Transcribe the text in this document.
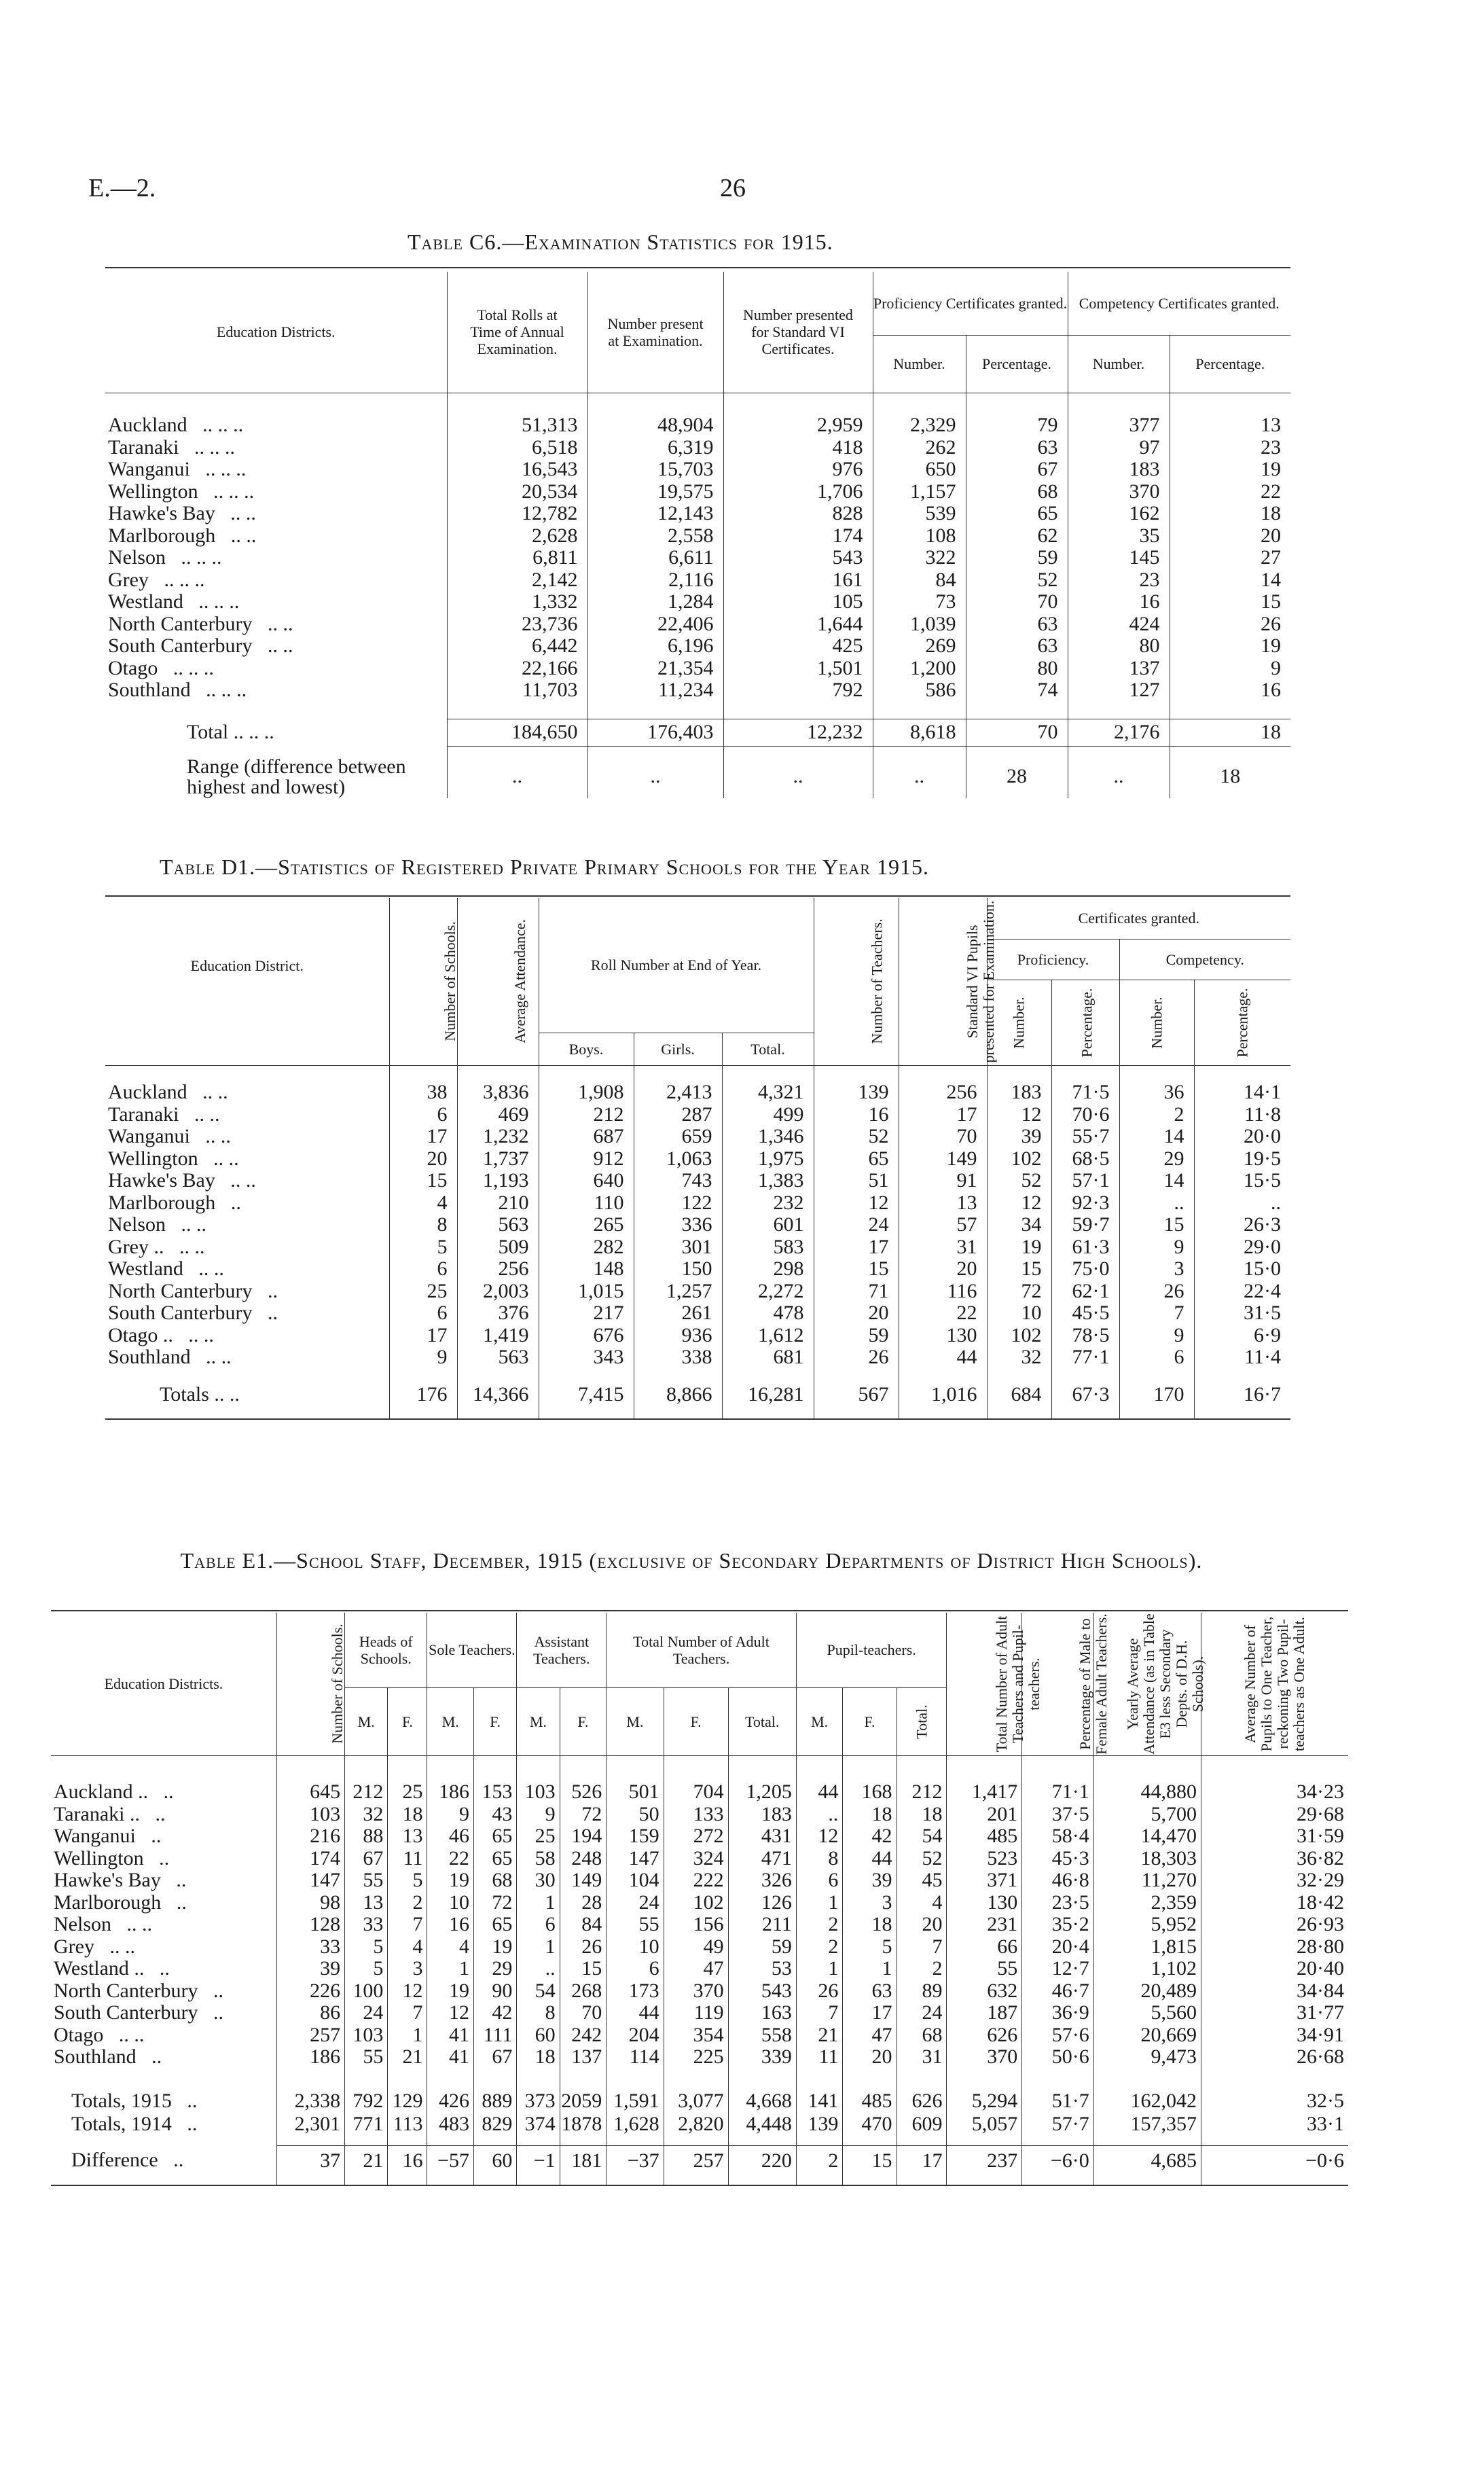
E.—2.	26
Table C6.—Examination Statistics for 1915.
Education Districts.	Total Rolls at Time of Annual Examination.	Number present at Examination.	Number presented for Standard VI Certificates.	Proficiency Certificates granted.		Competency Certificates granted.	
				Number.	Percentage.	Number.	Percentage.

Auckland .. .. ..	51,313	48,904	2,959	2,329	79	377	13
Taranaki .. .. ..	6,518	6,319	418	262	63	97	23
Wanganui .. .. ..	16,543	15,703	976	650	67	183	19
Wellington .. .. ..	20,534	19,575	1,706	1,157	68	370	22
Hawke's Bay .. ..	12,782	12,143	828	539	65	162	18
Marlborough .. ..	2,628	2,558	174	108	62	35	20
Nelson .. .. ..	6,811	6,611	543	322	59	145	27
Grey .. .. ..	2,142	2,116	161	84	52	23	14
Westland .. .. ..	1,332	1,284	105	73	70	16	15
North Canterbury .. ..	23,736	22,406	1,644	1,039	63	424	26
South Canterbury .. ..	6,442	6,196	425	269	63	80	19
Otago .. .. ..	22,166	21,354	1,501	1,200	80	137	9
Southland .. .. ..	11,703	11,234	792	586	74	127	16

Total .. .. ..	184,650	176,403	12,232	8,618	70	2,176	18

Range (difference between highest and lowest)	..	..	..	..	28	..	18
Table D1.—Statistics of Registered Private Primary Schools for the Year 1915.
Education District.	Number of Schools.	Average Attendance.	Roll Number at End of Year.			Number of Teachers.	Standard VI Pupils presented for Examination.	Certificates granted.			
								Proficiency.		Competency.	
								Number.	Percentage.	Number.	Percentage.
			Boys.	Girls.	Total.						

Auckland .. ..	38	3,836	1,908	2,413	4,321	139	256	183	71·5	36	14·1
Taranaki .. ..	6	469	212	287	499	16	17	12	70·6	2	11·8
Wanganui .. ..	17	1,232	687	659	1,346	52	70	39	55·7	14	20·0
Wellington .. ..	20	1,737	912	1,063	1,975	65	149	102	68·5	29	19·5
Hawke's Bay .. ..	15	1,193	640	743	1,383	51	91	52	57·1	14	15·5
Marlborough ..	4	210	110	122	232	12	13	12	92·3	..	..
Nelson .. ..	8	563	265	336	601	24	57	34	59·7	15	26·3
Grey .. .. ..	5	509	282	301	583	17	31	19	61·3	9	29·0
Westland .. ..	6	256	148	150	298	15	20	15	75·0	3	15·0
North Canterbury ..	25	2,003	1,015	1,257	2,272	71	116	72	62·1	26	22·4
South Canterbury ..	6	376	217	261	478	20	22	10	45·5	7	31·5
Otago .. .. ..	17	1,419	676	936	1,612	59	130	102	78·5	9	6·9
Southland .. ..	9	563	343	338	681	26	44	32	77·1	6	11·4

Totals .. ..	176	14,366	7,415	8,866	16,281	567	1,016	684	67·3	170	16·7

Table E1.—School Staff, December, 1915 (exclusive of Secondary Departments of District High Schools).
Education Districts.	Number of Schools.	Heads of Schools.		Sole Teachers.		Assistant Teachers.		Total Number of Adult Teachers.			Pupil-teachers.			Total Number of Adult Teachers and Pupil-teachers.	Percentage of Male to Female Adult Teachers.	Yearly Average Attendance (as in Table E3 less Secondary Depts. of D.H. Schools).	Average Number of Pupils to One Teacher, reckoning Two Pupil-teachers as One Adult.
		M.	F.	M.	F.	M.	F.	M.	F.	Total.	M.	F.	Total.				

Auckland .. ..	645	212	25	186	153	103	526	501	704	1,205	44	168	212	1,417	71·1	44,880	34·23
Taranaki .. ..	103	32	18	9	43	9	72	50	133	183	..	18	18	201	37·5	5,700	29·68
Wanganui ..	216	88	13	46	65	25	194	159	272	431	12	42	54	485	58·4	14,470	31·59
Wellington ..	174	67	11	22	65	58	248	147	324	471	8	44	52	523	45·3	18,303	36·82
Hawke's Bay ..	147	55	5	19	68	30	149	104	222	326	6	39	45	371	46·8	11,270	32·29
Marlborough ..	98	13	2	10	72	1	28	24	102	126	1	3	4	130	23·5	2,359	18·42
Nelson .. ..	128	33	7	16	65	6	84	55	156	211	2	18	20	231	35·2	5,952	26·93
Grey .. ..	33	5	4	4	19	1	26	10	49	59	2	5	7	66	20·4	1,815	28·80
Westland .. ..	39	5	3	1	29	..	15	6	47	53	1	1	2	55	12·7	1,102	20·40
North Canterbury ..	226	100	12	19	90	54	268	173	370	543	26	63	89	632	46·7	20,489	34·84
South Canterbury ..	86	24	7	12	42	8	70	44	119	163	7	17	24	187	36·9	5,560	31·77
Otago .. ..	257	103	1	41	111	60	242	204	354	558	21	47	68	626	57·6	20,669	34·91
Southland ..	186	55	21	41	67	18	137	114	225	339	11	20	31	370	50·6	9,473	26·68

Totals, 1915 ..	2,338	792	129	426	889	373	2059	1,591	3,077	4,668	141	485	626	5,294	51·7	162,042	32·5
Totals, 1914 ..	2,301	771	113	483	829	374	1878	1,628	2,820	4,448	139	470	609	5,057	57·7	157,357	33·1

Difference ..	37	21	16	−57	60	−1	181	−37	257	220	2	15	17	237	−6·0	4,685	−0·6
